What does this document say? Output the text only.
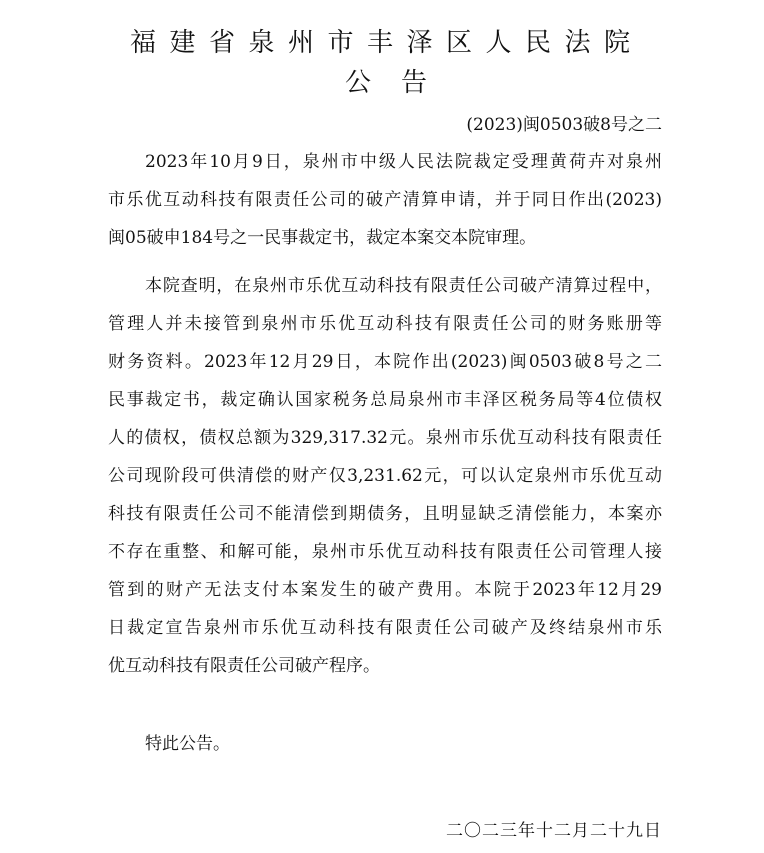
福建省泉州市丰泽区人民法院
公告
(2023)闽0503破8号之二
2023年10月9日，泉州市中级人民法院裁定受理黄荷卉对泉州
市乐优互动科技有限责任公司的破产清算申请，并于同日作出(2023)
闽05破申184号之一民事裁定书，裁定本案交本院审理。
本院查明，在泉州市乐优互动科技有限责任公司破产清算过程中，
管理人并未接管到泉州市乐优互动科技有限责任公司的财务账册等
财务资料。2023年12月29日，本院作出(2023)闽0503破8号之二
民事裁定书，裁定确认国家税务总局泉州市丰泽区税务局等4位债权
人的债权，债权总额为329,317.32元。泉州市乐优互动科技有限责任
公司现阶段可供清偿的财产仅3,231.62元，可以认定泉州市乐优互动
科技有限责任公司不能清偿到期债务，且明显缺乏清偿能力，本案亦
不存在重整、和解可能，泉州市乐优互动科技有限责任公司管理人接
管到的财产无法支付本案发生的破产费用。本院于2023年12月29
日裁定宣告泉州市乐优互动科技有限责任公司破产及终结泉州市乐
优互动科技有限责任公司破产程序。
特此公告。
二〇二三年十二月二十九日
